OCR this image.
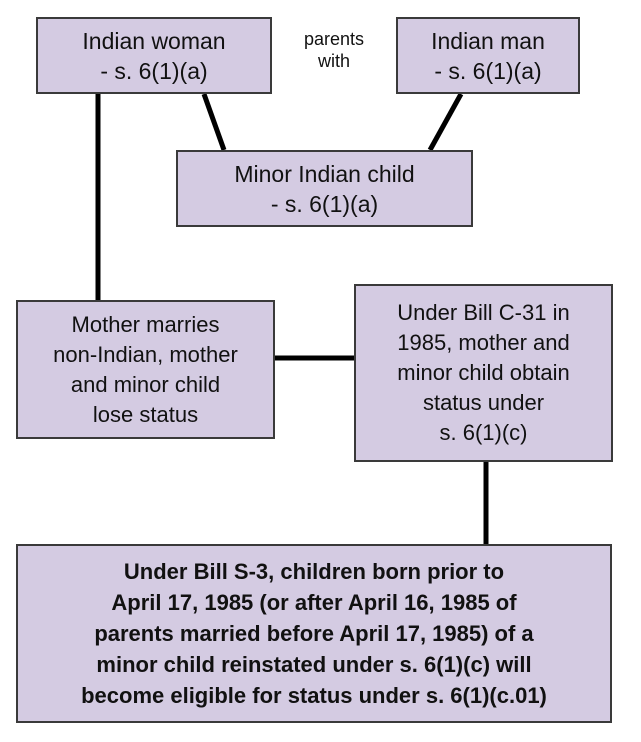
parents
with
Indian woman
- s. 6(1)(a)
Indian man
- s. 6(1)(a)
Minor Indian child
- s. 6(1)(a)
Mother marries
non-Indian, mother
and minor child
lose status
Under Bill C-31 in
1985, mother and
minor child obtain
status under
s. 6(1)(c)
Under Bill S-3, children born prior to
April 17, 1985 (or after April 16, 1985 of
parents married before April 17, 1985) of a
minor child reinstated under s. 6(1)(c) will
become eligible for status under s. 6(1)(c.01)
